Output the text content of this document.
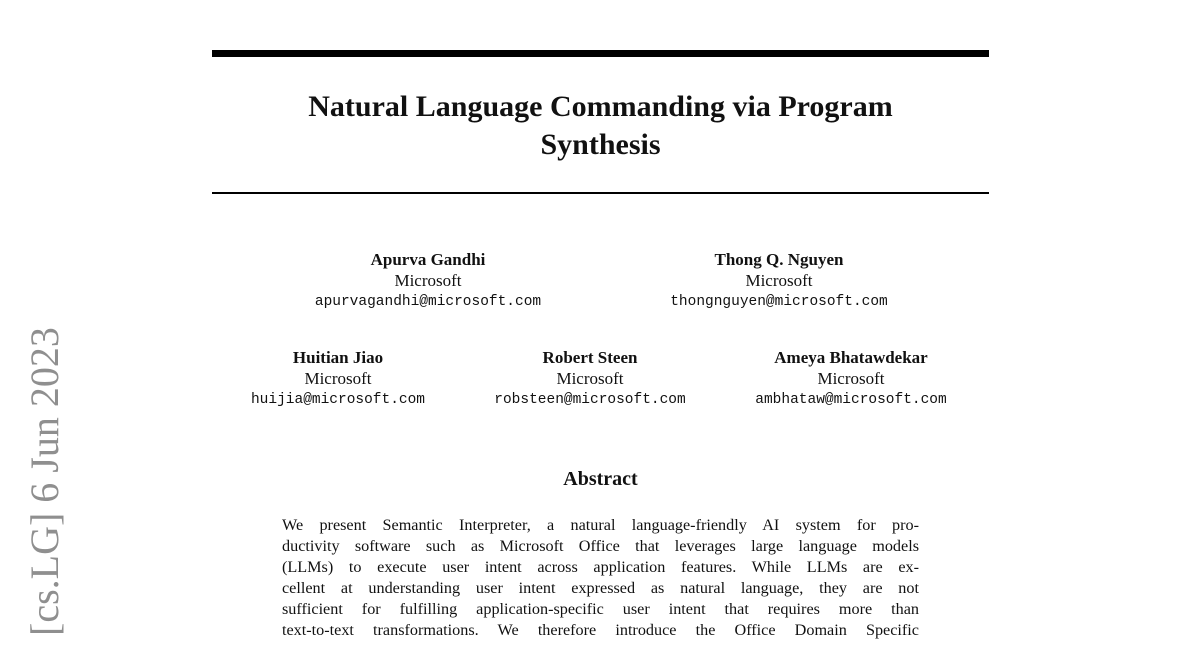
Natural Language Commanding via Program
Synthesis
Apurva Gandhi
Microsoft
apurvagandhi@microsoft.com
Thong Q. Nguyen
Microsoft
thongnguyen@microsoft.com
Huitian Jiao
Microsoft
huijia@microsoft.com
Robert Steen
Microsoft
robsteen@microsoft.com
Ameya Bhatawdekar
Microsoft
ambhataw@microsoft.com
Abstract
We present Semantic Interpreter, a natural language-friendly AI system for pro-
ductivity software such as Microsoft Office that leverages large language models
(LLMs) to execute user intent across application features. While LLMs are ex-
cellent at understanding user intent expressed as natural language, they are not
sufficient for fulfilling application-specific user intent that requires more than
text-to-text transformations. We therefore introduce the Office Domain Specific
[cs.LG] 6 Jun 2023
